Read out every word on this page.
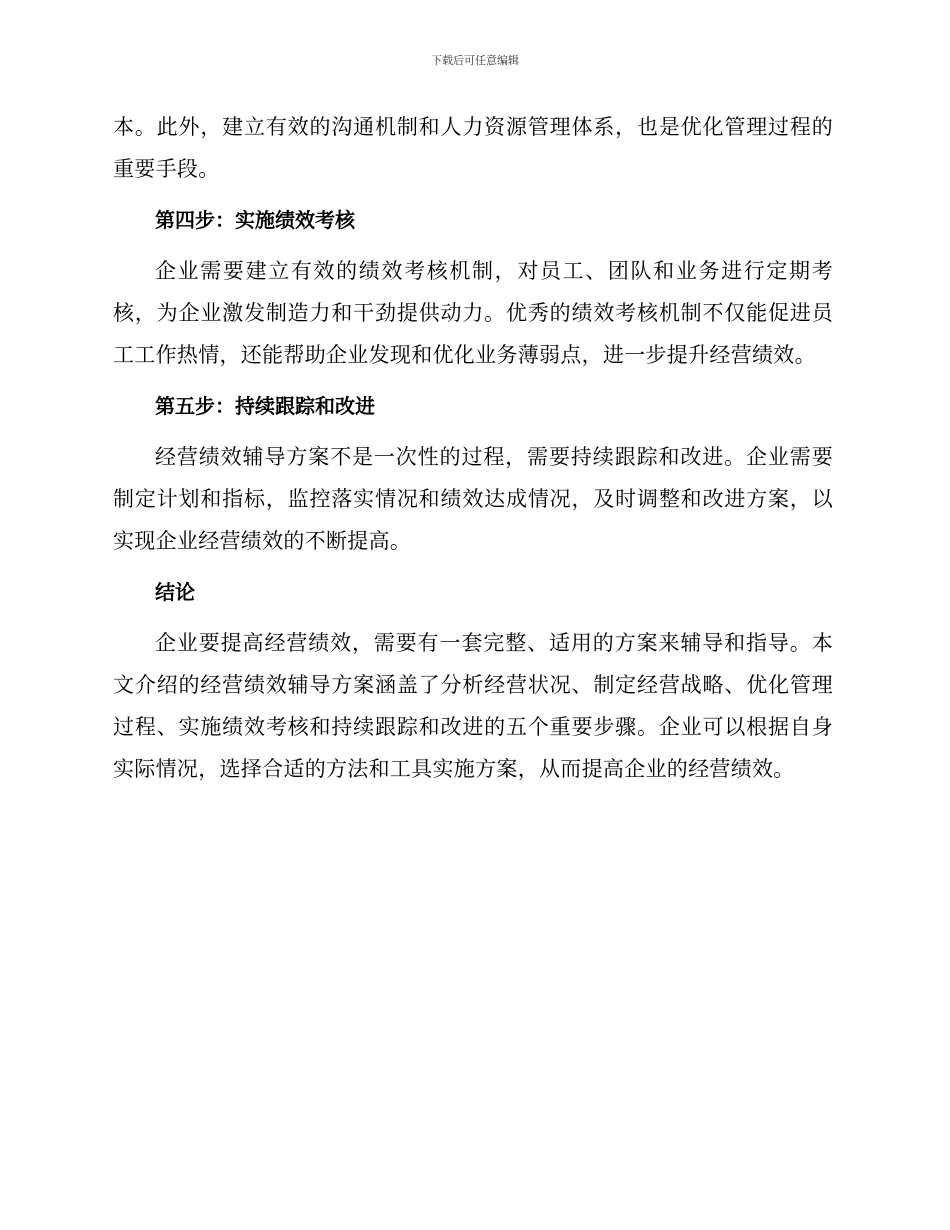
下载后可任意编辑

本。此外，建立有效的沟通机制和人力资源管理体系，也是优化管理过程的重要手段。

第四步：实施绩效考核

企业需要建立有效的绩效考核机制，对员工、团队和业务进行定期考核，为企业激发制造力和干劲提供动力。优秀的绩效考核机制不仅能促进员工工作热情，还能帮助企业发现和优化业务薄弱点，进一步提升经营绩效。

第五步：持续跟踪和改进

经营绩效辅导方案不是一次性的过程，需要持续跟踪和改进。企业需要制定计划和指标，监控落实情况和绩效达成情况，及时调整和改进方案，以实现企业经营绩效的不断提高。

结论

企业要提高经营绩效，需要有一套完整、适用的方案来辅导和指导。本文介绍的经营绩效辅导方案涵盖了分析经营状况、制定经营战略、优化管理过程、实施绩效考核和持续跟踪和改进的五个重要步骤。企业可以根据自身实际情况，选择合适的方法和工具实施方案，从而提高企业的经营绩效。
